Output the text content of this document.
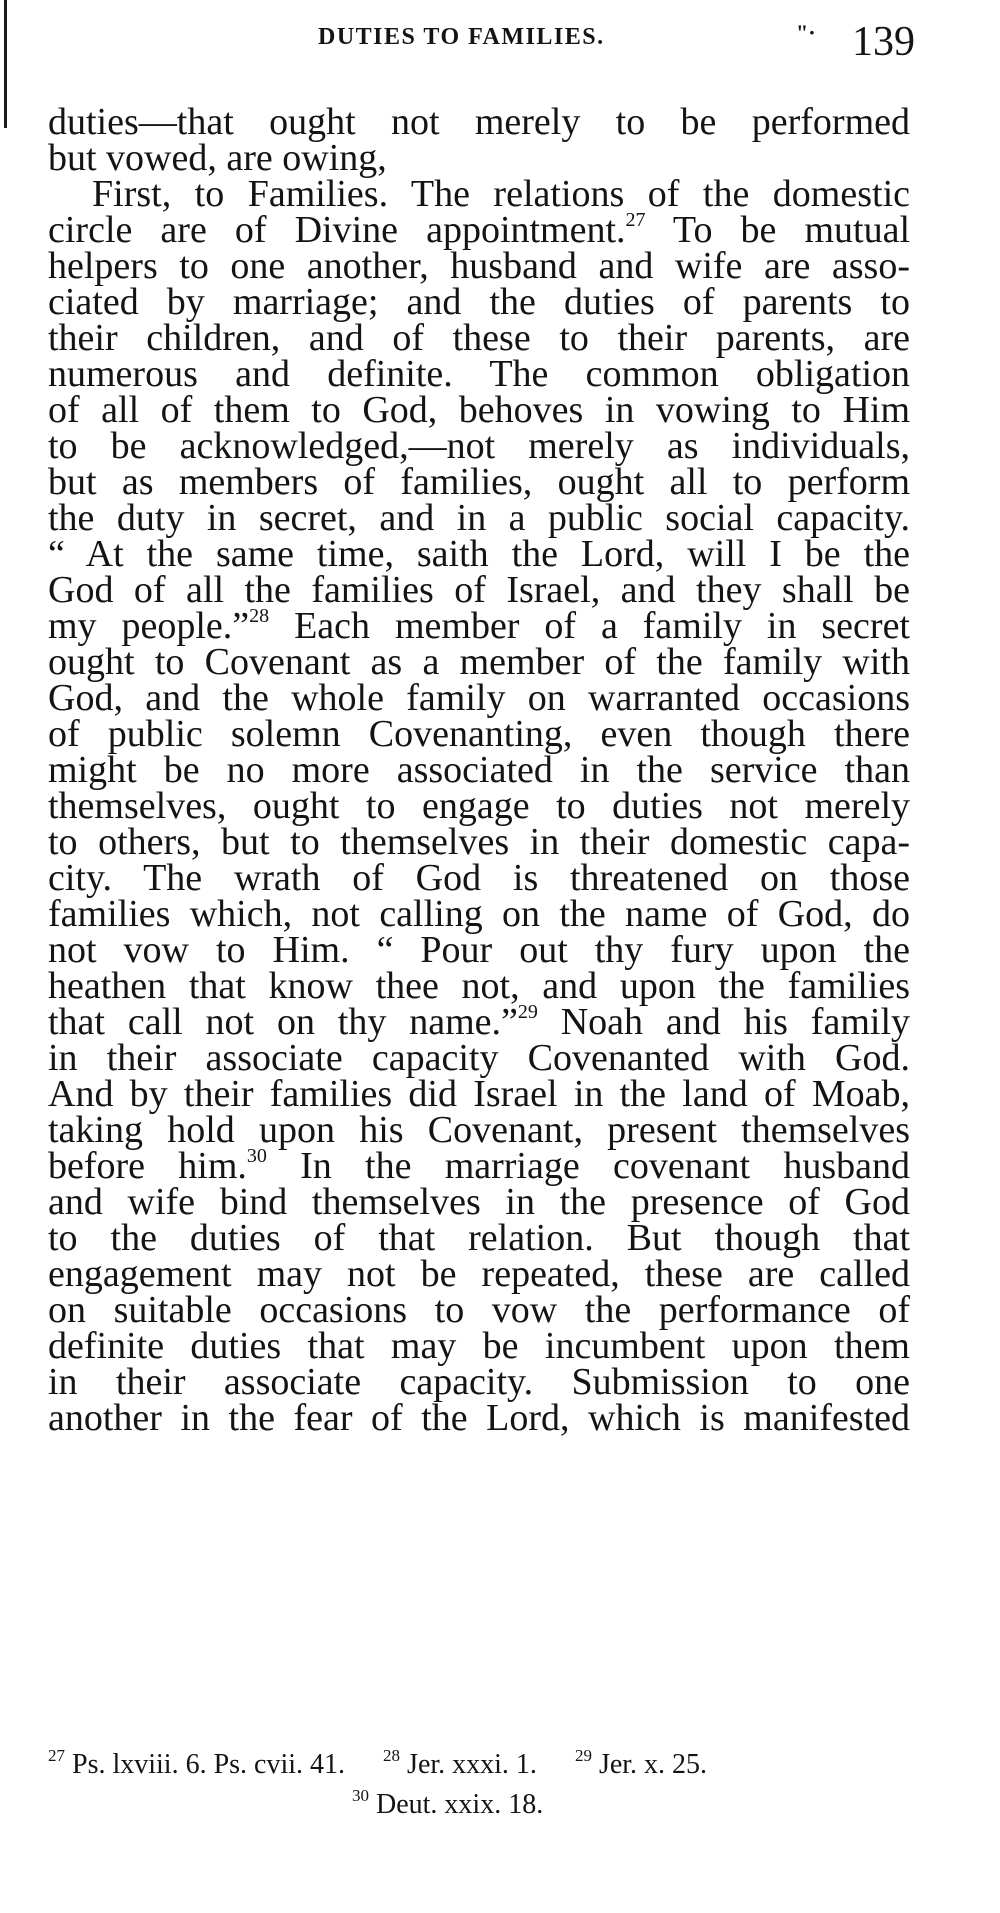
DUTIES TO FAMILIES.	"· 139
duties—that ought not merely to be performed
but vowed, are owing,
First, to Families. The relations of the domestic
circle are of Divine appointment.$^{27}$ To be mutual
helpers to one another, husband and wife are asso-
ciated by marriage; and the duties of parents to
their children, and of these to their parents, are
numerous and definite. The common obligation
of all of them to God, behoves in vowing to Him
to be acknowledged,—not merely as individuals,
but as members of families, ought all to perform
the duty in secret, and in a public social capacity.
“ At the same time, saith the Lord, will I be the
God of all the families of Israel, and they shall be
my people.”$^{28}$ Each member of a family in secret
ought to Covenant as a member of the family with
God, and the whole family on warranted occasions
of public solemn Covenanting, even though there
might be no more associated in the service than
themselves, ought to engage to duties not merely
to others, but to themselves in their domestic capa-
city. The wrath of God is threatened on those
families which, not calling on the name of God, do
not vow to Him. “ Pour out thy fury upon the
heathen that know thee not, and upon the families
that call not on thy name.”$^{29}$ Noah and his family
in their associate capacity Covenanted with God.
And by their families did Israel in the land of Moab,
taking hold upon his Covenant, present themselves
before him.$^{30}$ In the marriage covenant husband
and wife bind themselves in the presence of God
to the duties of that relation. But though that
engagement may not be repeated, these are called
on suitable occasions to vow the performance of
definite duties that may be incumbent upon them
in their associate capacity. Submission to one
another in the fear of the Lord, which is manifested
$^{27}$ Ps. lxviii. 6. Ps. cvii. 41. $^{28}$ Jer. xxxi. 1. $^{29}$ Jer. x. 25.
$^{30}$ Deut. xxix. 18.
